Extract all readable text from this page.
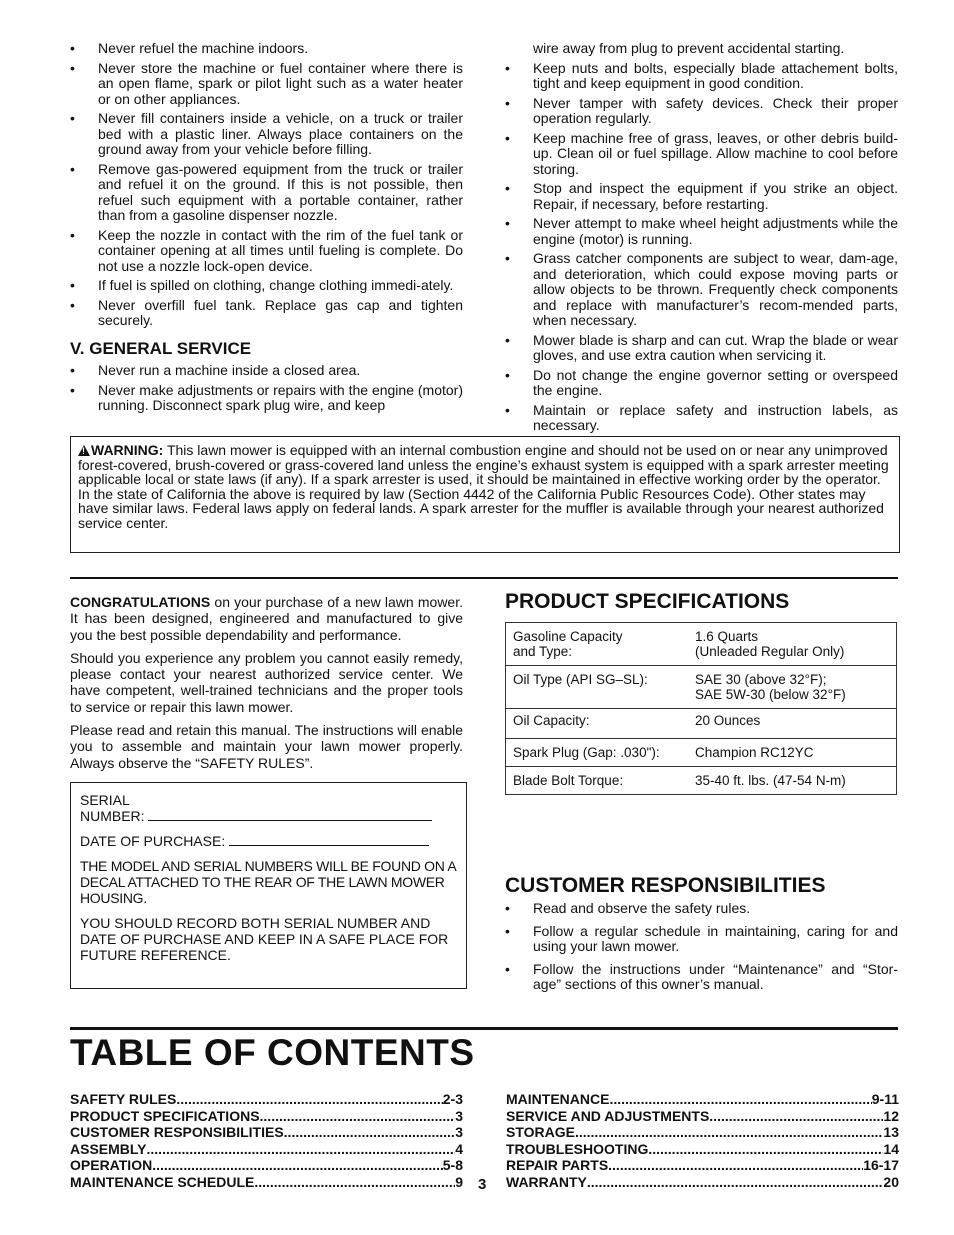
• Never refuel the machine indoors.
• Never store the machine or fuel container where there is an open flame, spark or pilot light such as a water heater or on other appliances.
• Never fill containers inside a vehicle, on a truck or trailer bed with a plastic liner. Always place containers on the ground away from your vehicle before filling.
• Remove gas-powered equipment from the truck or trailer and refuel it on the ground. If this is not possible, then refuel such equipment with a portable container, rather than from a gasoline dispenser nozzle.
• Keep the nozzle in contact with the rim of the fuel tank or container opening at all times until fueling is complete. Do not use a nozzle lock-open device.
• If fuel is spilled on clothing, change clothing immedi-ately.
• Never overfill fuel tank. Replace gas cap and tighten securely.
V. GENERAL SERVICE
• Never run a machine inside a closed area.
• Never make adjustments or repairs with the engine (motor) running. Disconnect spark plug wire, and keep
wire away from plug to prevent accidental starting.
• Keep nuts and bolts, especially blade attachement bolts, tight and keep equipment in good condition.
• Never tamper with safety devices. Check their proper operation regularly.
• Keep machine free of grass, leaves, or other debris build-up. Clean oil or fuel spillage. Allow machine to cool before storing.
• Stop and inspect the equipment if you strike an object. Repair, if necessary, before restarting.
• Never attempt to make wheel height adjustments while the engine (motor) is running.
• Grass catcher components are subject to wear, dam-age, and deterioration, which could expose moving parts or allow objects to be thrown. Frequently check components and replace with manufacturer’s recom-mended parts, when necessary.
• Mower blade is sharp and can cut. Wrap the blade or wear gloves, and use extra caution when servicing it.
• Do not change the engine governor setting or overspeed the engine.
• Maintain or replace safety and instruction labels, as necessary.
!WARNING: This lawn mower is equipped with an internal combustion engine and should not be used on or near any unimproved forest-covered, brush-covered or grass-covered land unless the engine’s exhaust system is equipped with a spark arrester meeting applicable local or state laws (if any). If a spark arrester is used, it should be maintained in effective working order by the operator.
In the state of California the above is required by law (Section 4442 of the California Public Resources Code). Other states may have similar laws. Federal laws apply on federal lands. A spark arrester for the muffler is available through your nearest authorized service center.

CONGRATULATIONS on your purchase of a new lawn mower. It has been designed, engineered and manufactured to give you the best possible dependability and performance.

Should you experience any problem you cannot easily remedy, please contact your nearest authorized service center. We have competent, well-trained technicians and the proper tools to service or repair this lawn mower.

Please read and retain this manual. The instructions will enable you to assemble and maintain your lawn mower properly. Always observe the “SAFETY RULES”.

SERIAL
NUMBER:

DATE OF PURCHASE:

THE MODEL AND SERIAL NUMBERS WILL BE FOUND ON A DECAL ATTACHED TO THE REAR OF THE LAWN MOWER HOUSING.

YOU SHOULD RECORD BOTH SERIAL NUMBER AND DATE OF PURCHASE AND KEEP IN A SAFE PLACE FOR FUTURE REFERENCE.

PRODUCT SPECIFICATIONS
Gasoline Capacity
and Type:	1.6 Quarts
(Unleaded Regular Only)
Oil Type (API SG–SL):	SAE 30 (above 32°F);
SAE 5W-30 (below 32°F)
Oil Capacity:	20 Ounces
Spark Plug (Gap: .030"):	Champion RC12YC
Blade Bolt Torque:	35-40 ft. lbs. (47-54 N-m)
CUSTOMER RESPONSIBILITIES
• Read and observe the safety rules.
• Follow a regular schedule in maintaining, caring for and using your lawn mower.
• Follow the instructions under “Maintenance” and “Stor-age” sections of this owner’s manual.
TABLE OF CONTENTS
SAFETY RULES .....	2-3
PRODUCT SPECIFICATIONS .....	3
CUSTOMER RESPONSIBILITIES .....	3
ASSEMBLY .....	4
OPERATION .....	5-8
MAINTENANCE SCHEDULE .....	9
MAINTENANCE .....	9-11
SERVICE AND ADJUSTMENTS .....	12
STORAGE .....	13
TROUBLESHOOTING .....	14
REPAIR PARTS .....	16-17
WARRANTY .....	20
3
